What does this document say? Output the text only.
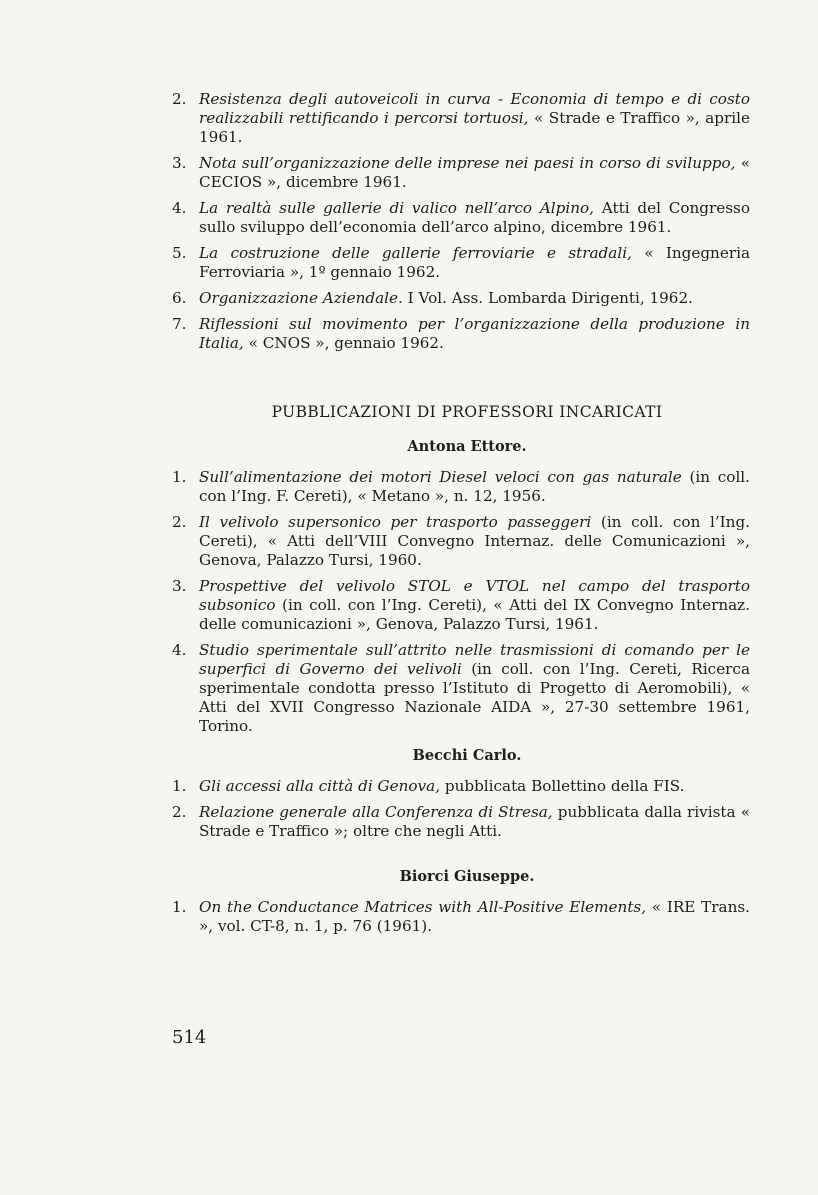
2. Resistenza degli autoveicoli in curva - Economia di tempo e di costo realizzabili rettificando i percorsi tortuosi, « Strade e Traffico », aprile 1961.
3. Nota sull’organizzazione delle imprese nei paesi in corso di sviluppo, « CECIOS », dicembre 1961.
4. La realtà sulle gallerie di valico nell’arco Alpino, Atti del Congresso sullo sviluppo dell’economia dell’arco alpino, dicembre 1961.
5. La costruzione delle gallerie ferroviarie e stradali, « Ingegneria Ferroviaria », 1º gennaio 1962.
6. Organizzazione Aziendale. I Vol. Ass. Lombarda Dirigenti, 1962.
7. Riflessioni sul movimento per l’organizzazione della produzione in Italia, « CNOS », gennaio 1962.
PUBBLICAZIONI DI PROFESSORI INCARICATI
Antona Ettore.
1. Sull’alimentazione dei motori Diesel veloci con gas naturale (in coll. con l’Ing. F. Cereti), « Metano », n. 12, 1956.
2. Il velivolo supersonico per trasporto passeggeri (in coll. con l’Ing. Cereti), « Atti dell’VIII Convegno Internaz. delle Comunicazioni », Genova, Palazzo Tursi, 1960.
3. Prospettive del velivolo STOL e VTOL nel campo del trasporto subsonico (in coll. con l’Ing. Cereti), « Atti del IX Convegno Internaz. delle comunicazioni », Genova, Palazzo Tursi, 1961.
4. Studio sperimentale sull’attrito nelle trasmissioni di comando per le superfici di Governo dei velivoli (in coll. con l’Ing. Cereti, Ricerca sperimentale condotta presso l’Istituto di Progetto di Aeromobili), « Atti del XVII Congresso Nazionale AIDA », 27-30 settembre 1961, Torino.
Becchi Carlo.
1. Gli accessi alla città di Genova, pubblicata Bollettino della FIS.
2. Relazione generale alla Conferenza di Stresa, pubblicata dalla rivista « Strade e Traffico »; oltre che negli Atti.
Biorci Giuseppe.
1. On the Conductance Matrices with All-Positive Elements, « IRE Trans. », vol. CT-8, n. 1, p. 76 (1961).
514
